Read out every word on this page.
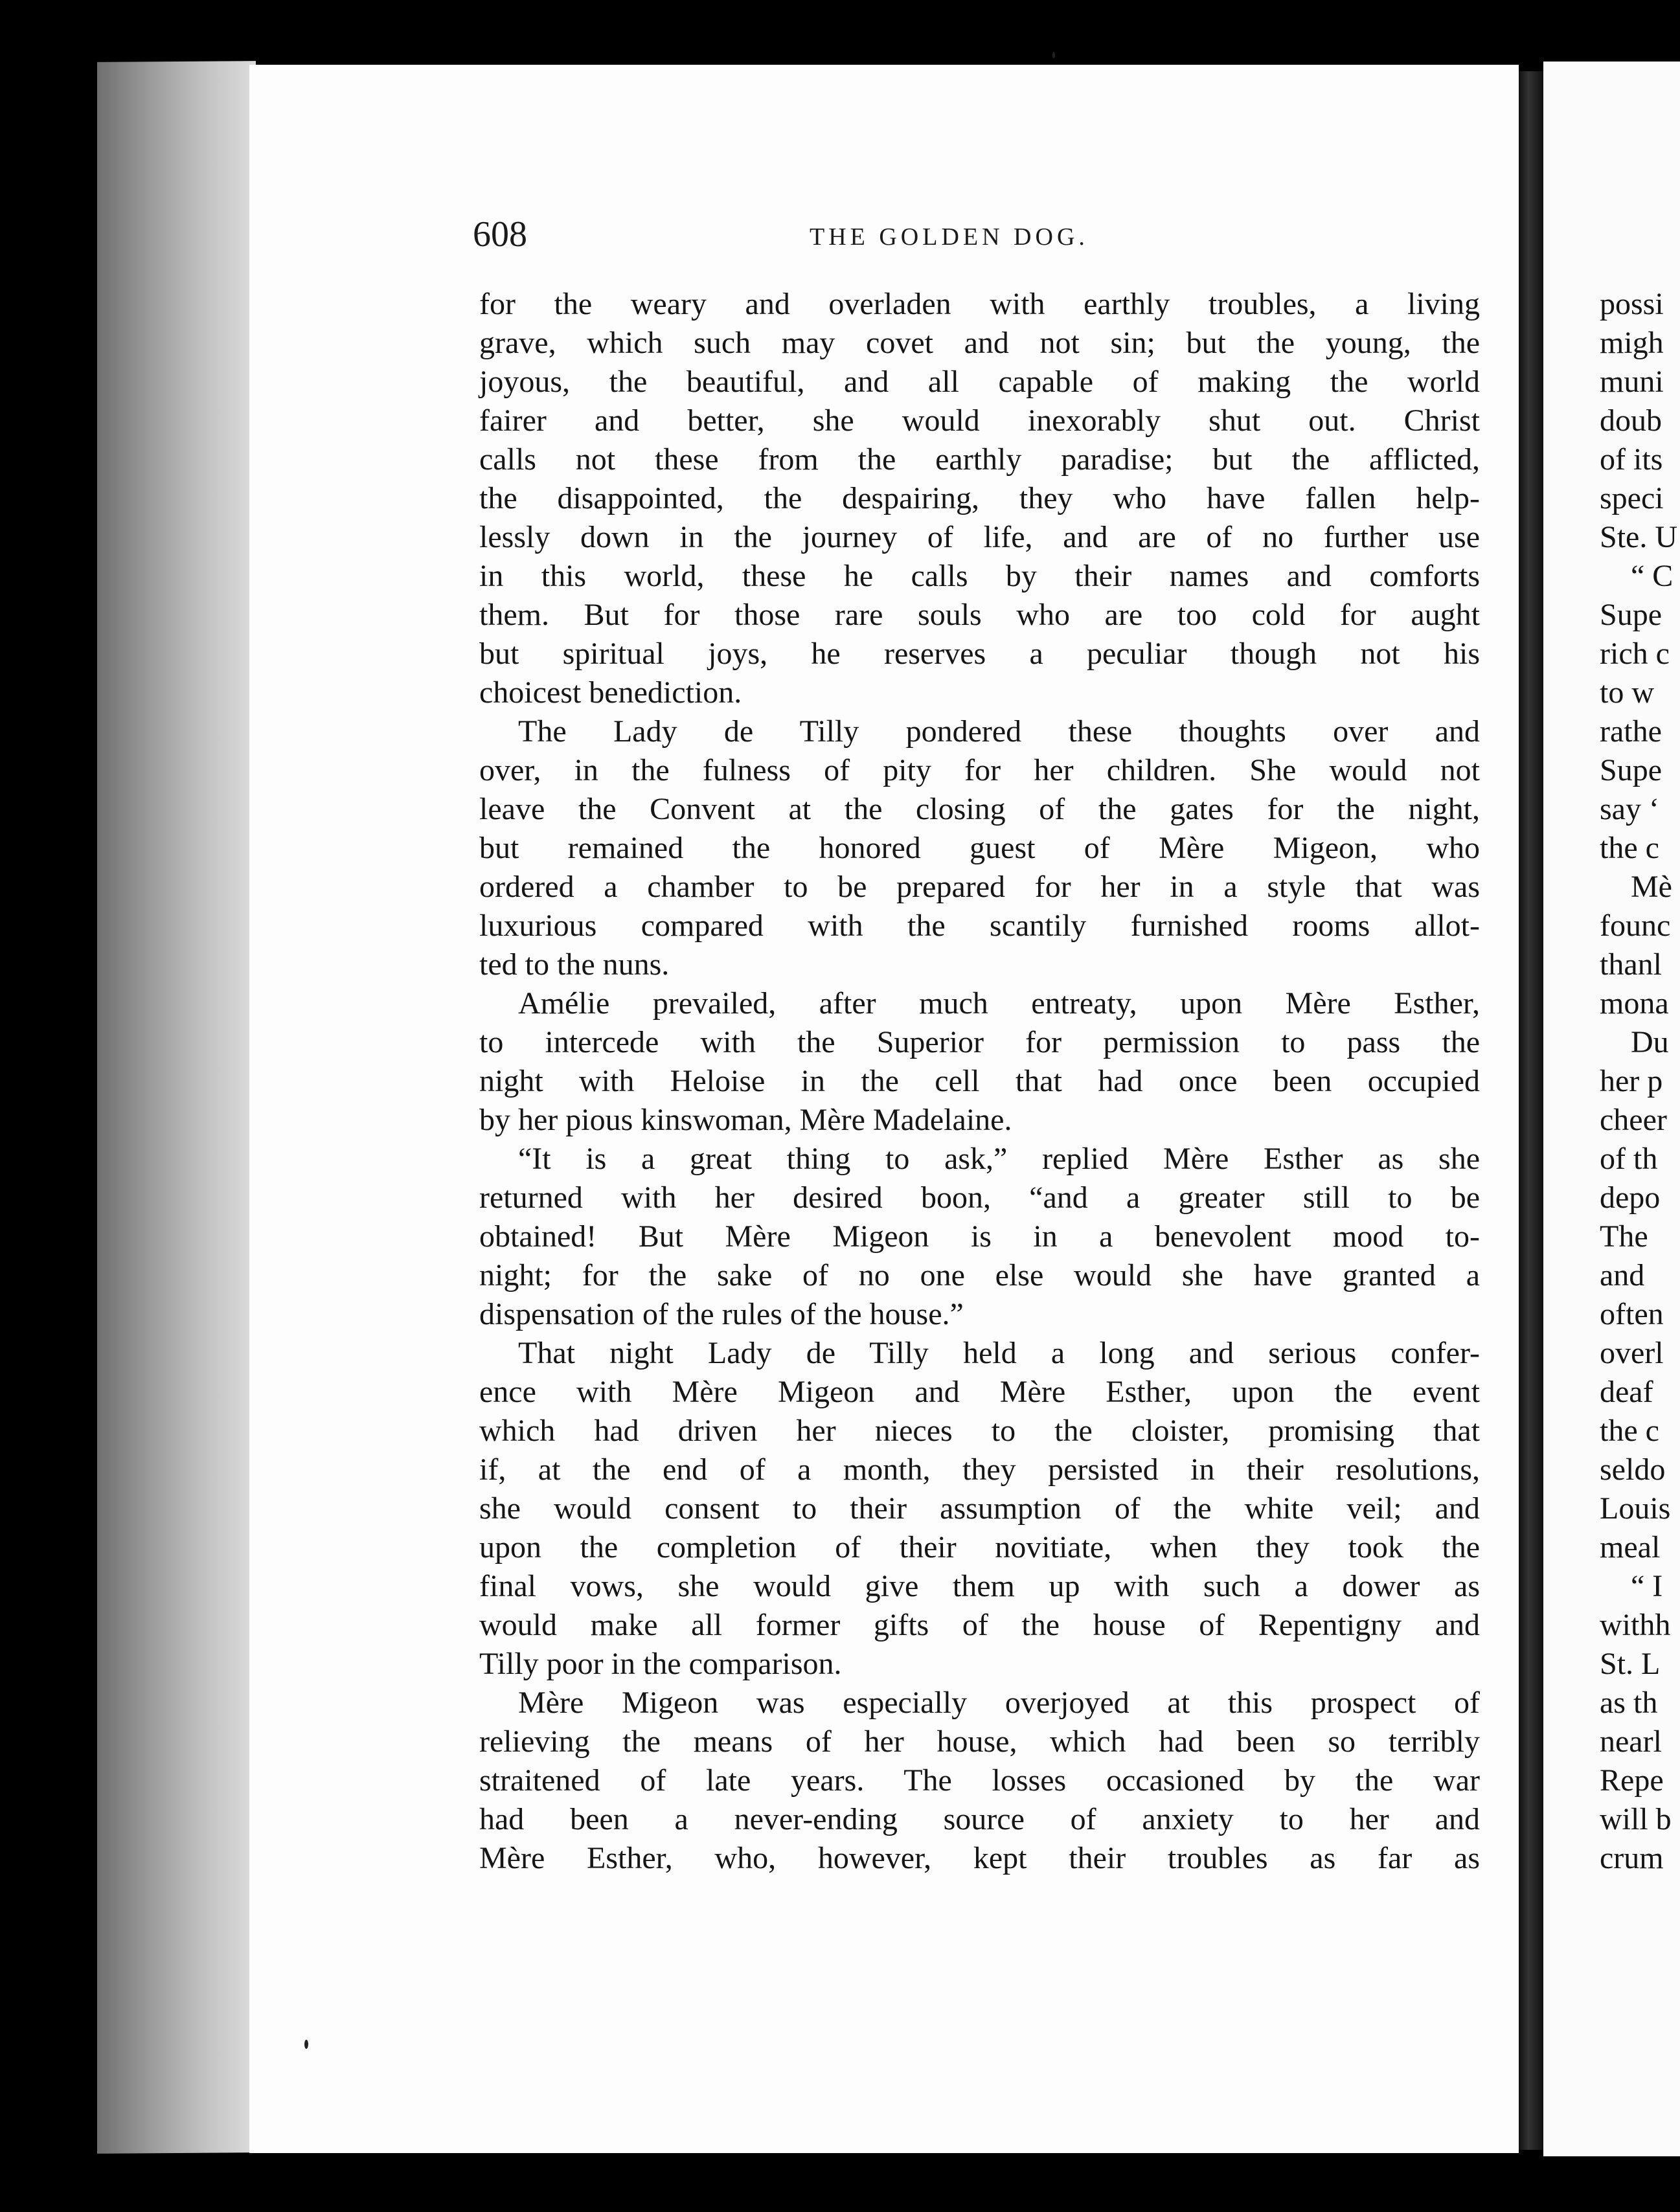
608	THE GOLDEN DOG.
for the weary and overladen with earthly troubles, a living
grave, which such may covet and not sin; but the young, the
joyous, the beautiful, and all capable of making the world
fairer and better, she would inexorably shut out. Christ
calls not these from the earthly paradise; but the afflicted,
the disappointed, the despairing, they who have fallen help-
lessly down in the journey of life, and are of no further use
in this world, these he calls by their names and comforts
them. But for those rare souls who are too cold for aught
but spiritual joys, he reserves a peculiar though not his
choicest benediction.
The Lady de Tilly pondered these thoughts over and
over, in the fulness of pity for her children. She would not
leave the Convent at the closing of the gates for the night,
but remained the honored guest of Mère Migeon, who
ordered a chamber to be prepared for her in a style that was
luxurious compared with the scantily furnished rooms allot-
ted to the nuns.
Amélie prevailed, after much entreaty, upon Mère Esther,
to intercede with the Superior for permission to pass the
night with Heloise in the cell that had once been occupied
by her pious kinswoman, Mère Madelaine.
“It is a great thing to ask,” replied Mère Esther as she
returned with her desired boon, “and a greater still to be
obtained! But Mère Migeon is in a benevolent mood to-
night; for the sake of no one else would she have granted a
dispensation of the rules of the house.”
That night Lady de Tilly held a long and serious confer-
ence with Mère Migeon and Mère Esther, upon the event
which had driven her nieces to the cloister, promising that
if, at the end of a month, they persisted in their resolutions,
she would consent to their assumption of the white veil; and
upon the completion of their novitiate, when they took the
final vows, she would give them up with such a dower as
would make all former gifts of the house of Repentigny and
Tilly poor in the comparison.
Mère Migeon was especially overjoyed at this prospect of
relieving the means of her house, which had been so terribly
straitened of late years. The losses occasioned by the war
had been a never-ending source of anxiety to her and
Mère Esther, who, however, kept their troubles as far as
possi
migh
muni
doub
of its
speci
Ste. U
“ C
Supe
rich c
to w
rathe
Supe
say ‘
the c
Mè
founc
thanl
mona
Du
her p
cheer
of th
depo
The
and
often
overl
deaf
the c
seldo
Louis
meal
“ I
withh
St. L
as th
nearl
Repe
will b
crum
